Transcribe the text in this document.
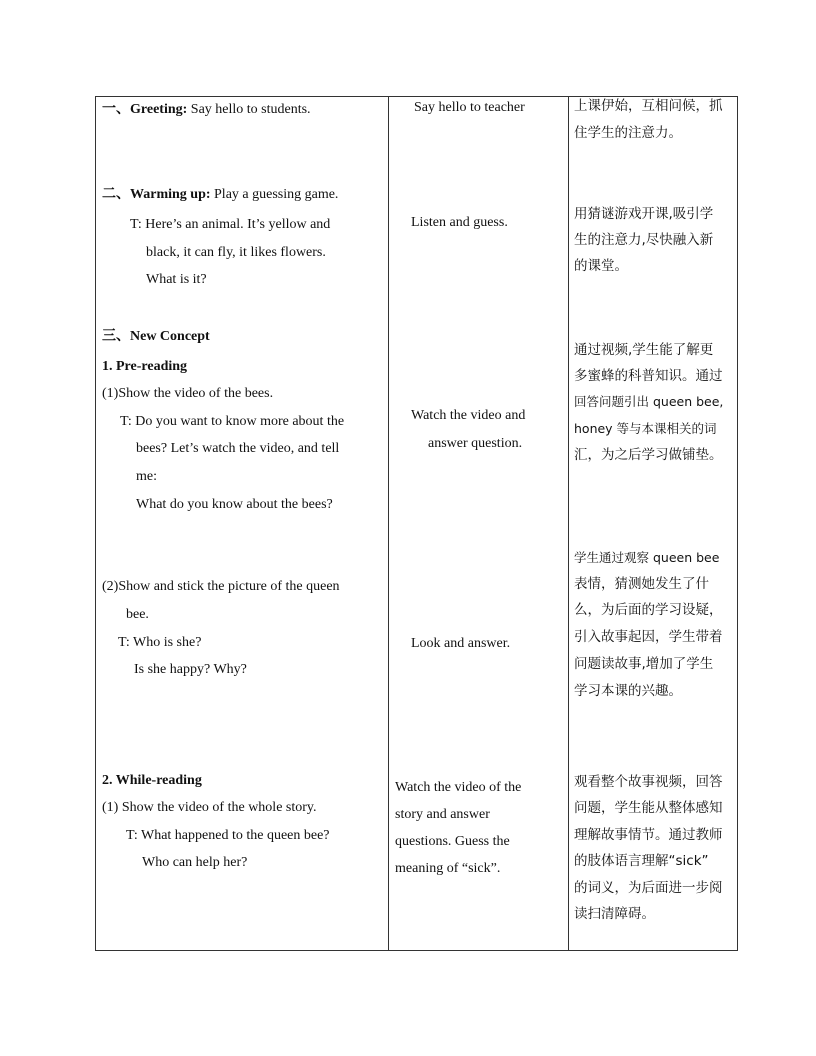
一、Greeting: Say hello to students.
二、Warming up: Play a guessing game.
T: Here’s an animal. It’s yellow and
black, it can fly, it likes flowers.
What is it?
三、New Concept
1. Pre-reading
(1)Show the video of the bees.
T: Do you want to know more about the
bees? Let’s watch the video, and tell
me:
What do you know about the bees?
(2)Show and stick the picture of the queen
bee.
T: Who is she?
Is she happy? Why?
2. While-reading
(1) Show the video of the whole story.
T: What happened to the queen bee?
Who can help her?
Say hello to teacher
Listen and guess.
Watch the video and
answer question.
Look and answer.
Watch the video of the
story and answer
questions. Guess the
meaning of “sick”.
上课伊始，互相问候，抓
住学生的注意力。
用猜谜游戏开课,吸引学
生的注意力,尽快融入新
的课堂。
通过视频,学生能了解更
多蜜蜂的科普知识。通过
回答问题引出 queen bee,
honey 等与本课相关的词
汇，为之后学习做铺垫。
学生通过观察 queen bee
表情，猜测她发生了什
么，为后面的学习设疑，
引入故事起因，学生带着
问题读故事,增加了学生
学习本课的兴趣。
观看整个故事视频，回答
问题，学生能从整体感知
理解故事情节。通过教师
的肢体语言理解“sick”
的词义，为后面进一步阅
读扫清障碍。
